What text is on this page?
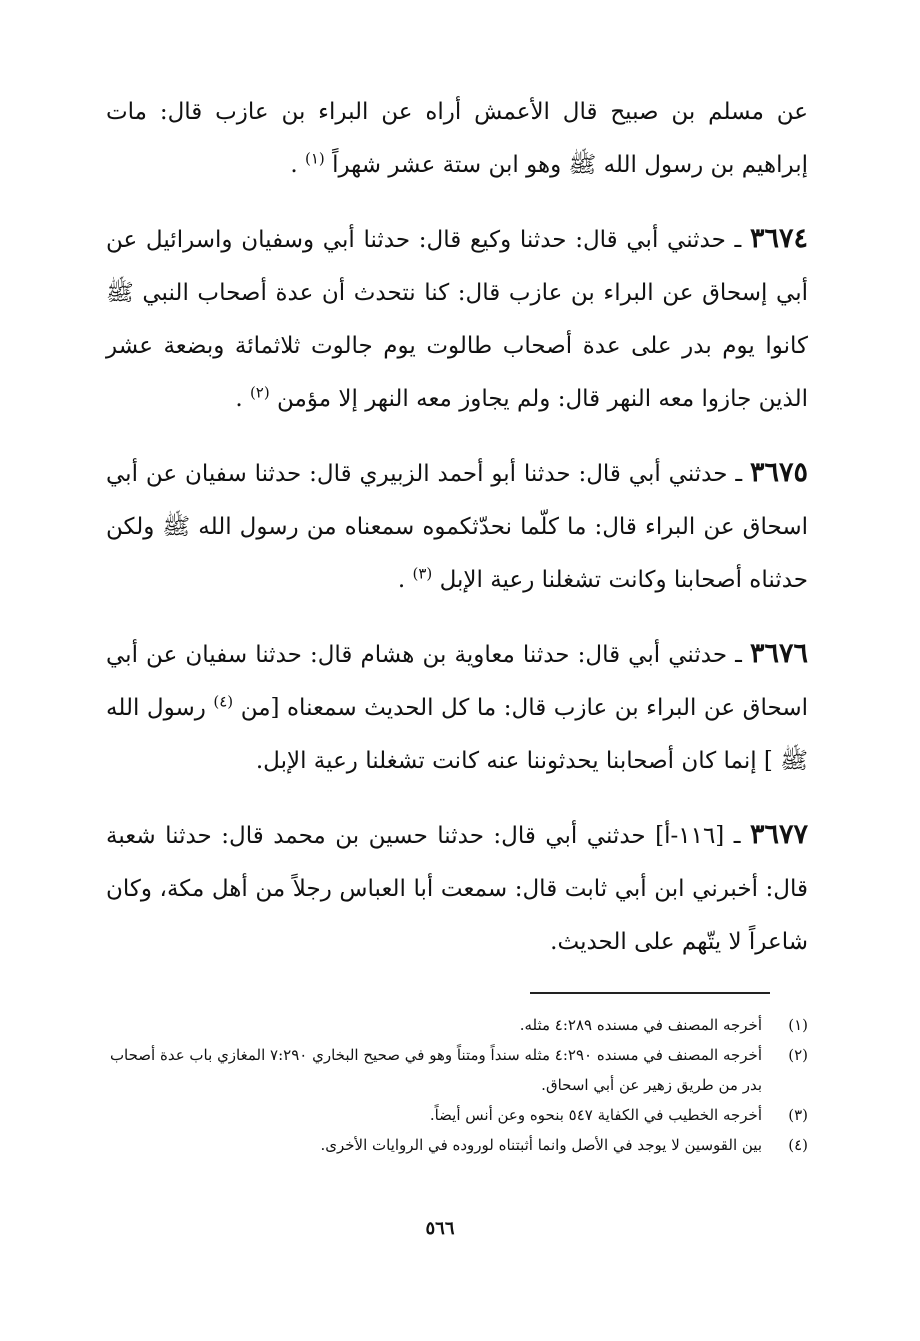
عن مسلم بن صبيح قال الأعمش أراه عن البراء بن عازب قال: مات إبراهيم بن رسول الله ﷺ وهو ابن ستة عشر شهراً $^{(١)}$ .

٣٦٧٤ ـ حدثني أبي قال: حدثنا وكيع قال: حدثنا أبي وسفيان واسرائيل عن أبي إسحاق عن البراء بن عازب قال: كنا نتحدث أن عدة أصحاب النبي ﷺ كانوا يوم بدر على عدة أصحاب طالوت يوم جالوت ثلاثمائة وبضعة عشر الذين جازوا معه النهر قال: ولم يجاوز معه النهر إلا مؤمن $^{(٢)}$ .

٣٦٧٥ ـ حدثني أبي قال: حدثنا أبو أحمد الزبيري قال: حدثنا سفيان عن أبي اسحاق عن البراء قال: ما كلّما نحدّثكموه سمعناه من رسول الله ﷺ ولكن حدثناه أصحابنا وكانت تشغلنا رعية الإبل $^{(٣)}$ .

٣٦٧٦ ـ حدثني أبي قال: حدثنا معاوية بن هشام قال: حدثنا سفيان عن أبي اسحاق عن البراء بن عازب قال: ما كل الحديث سمعناه [من $^{(٤)}$ رسول الله ﷺ ] إنما كان أصحابنا يحدثوننا عنه كانت تشغلنا رعية الإبل.

٣٦٧٧ ـ [١١٦-أ] حدثني أبي قال: حدثنا حسين بن محمد قال: حدثنا شعبة قال: أخبرني ابن أبي ثابت قال: سمعت أبا العباس رجلاً من أهل مكة، وكان شاعراً لا يتّهم على الحديث.

(١)
أخرجه المصنف في مسنده ٤:٢٨٩ مثله.
(٢)
أخرجه المصنف في مسنده ٤:٢٩٠ مثله سنداً ومتناً وهو في صحيح البخاري ٧:٢٩٠ المغازي باب عدة أصحاب بدر من طريق زهير عن أبي اسحاق.
(٣)
أخرجه الخطيب في الكفاية ٥٤٧ بنحوه وعن أنس أيضاً.
(٤)
بين القوسين لا يوجد في الأصل وانما أثبتناه لوروده في الروايات الأخرى.
٥٦٦
